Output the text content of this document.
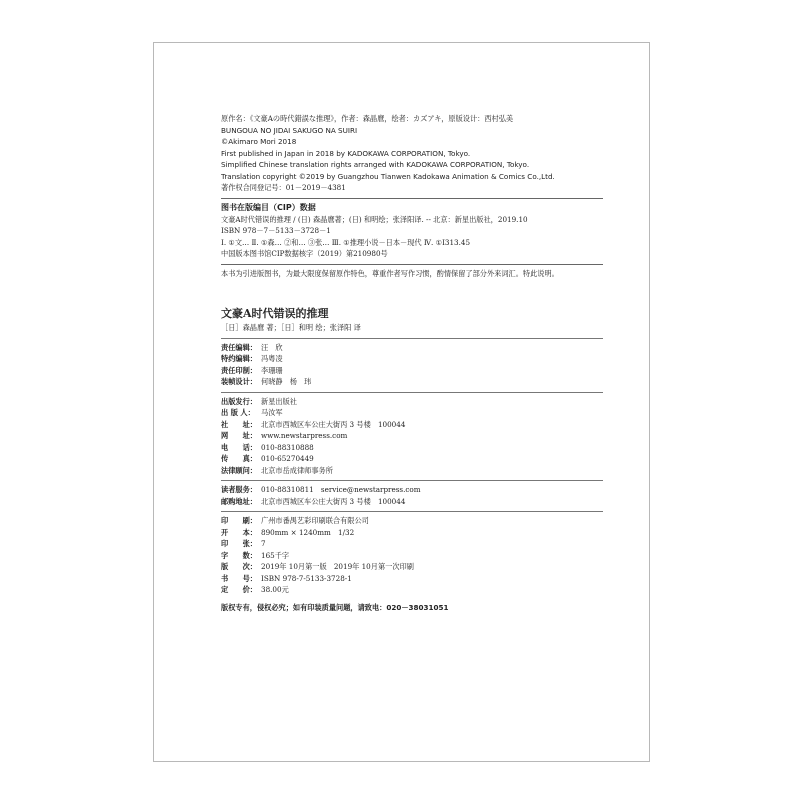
原作名：《文豪Aの時代錯誤な推理》，作者：森晶麿，绘者：カズアキ，原版设计：西村弘美
BUNGOUA NO JIDAI SAKUGO NA SUIRI
©Akimaro Mori 2018
First published in Japan in 2018 by KADOKAWA CORPORATION, Tokyo.
Simplified Chinese translation rights arranged with KADOKAWA CORPORATION, Tokyo.
Translation copyright ©2019 by Guangzhou Tianwen Kadokawa Animation & Comics Co.,Ltd.
著作权合同登记号：01－2019－4381
图书在版编目（CIP）数据
文豪A时代错误的推理 / (日) 森晶麿著；(日) 和明绘；张泽阳译. -- 北京：新星出版社，2019.10
ISBN 978－7－5133－3728－1
Ⅰ. ①文… Ⅱ. ①森… ②和… ③张… Ⅲ. ①推理小说－日本－现代 Ⅳ. ①I313.45
中国版本图书馆CIP数据核字（2019）第210980号
本书为引进版图书，为最大限度保留原作特色，尊重作者写作习惯，酌情保留了部分外来词汇。特此说明。
文豪A时代错误的推理
［日］森晶麿 著；［日］和明 绘；张泽阳 译
责任编辑： 汪　欣
特约编辑： 冯粤凌
责任印制： 李珊珊
装帧设计： 何晓静　杨　玮
出版发行： 新星出版社
出 版 人： 马汝军
社　　址： 北京市西城区车公庄大街丙 3 号楼　100044
网　　址： www.newstarpress.com
电　　话： 010-88310888
传　　真： 010-65270449
法律顾问： 北京市岳成律师事务所
读者服务： 010-88310811　service@newstarpress.com
邮购地址： 北京市西城区车公庄大街丙 3 号楼　100044
印　　刷： 广州市番禺艺彩印刷联合有限公司
开　　本： 890mm × 1240mm　1/32
印　　张： 7
字　　数： 165千字
版　　次： 2019年 10月第一版　2019年 10月第一次印刷
书　　号： ISBN 978-7-5133-3728-1
定　　价： 38.00元
版权专有，侵权必究；如有印装质量问题，请致电：020－38031051
